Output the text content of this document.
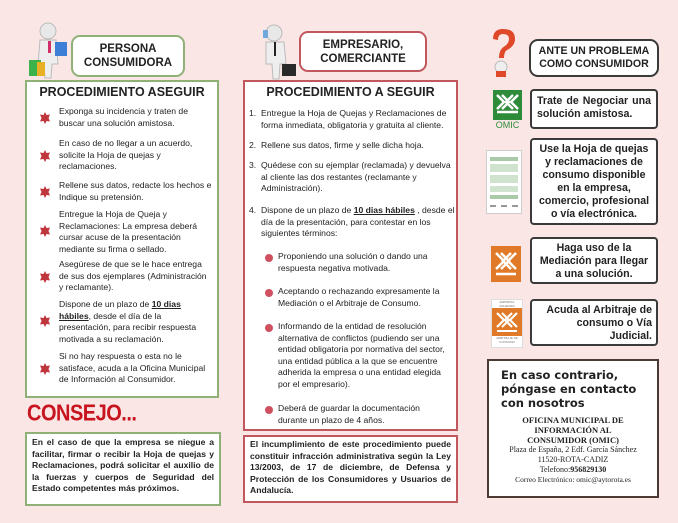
PERSONA
CONSUMIDORA
PROCEDIMIENTO ASEGUIR
Exponga su incidencia y traten de buscar una solución amistosa.
En caso de no llegar a un acuerdo, solicite la Hoja de quejas y reclamaciones.
Rellene sus datos, redacte los hechos e Indique su pretensión.
Entregue la Hoja de Queja y Reclamaciones: La empresa deberá cursar acuse de la presentación mediante su firma o sellado.
Asegúrese de que se le hace entrega de sus dos ejemplares (Administración y reclamante).
Dispone de un plazo de 10 dias hábiles, desde el día de la presentación, para recibir respuesta motivada a su reclamación.
Si no hay respuesta o esta no le satisface, acuda a la Oficina Municipal de Información al Consumidor.
CONSEJO...
En el caso de que la empresa se niegue a facilitar, firmar o recibir la Hoja de quejas y Reclamaciones, podrá solicitar el auxilio de la fuerzas y cuerpos de Seguridad del Estado competentes más próximos.
EMPRESARIO,
COMERCIANTE
PROCEDIMIENTO A SEGUIR
1. Entregue la Hoja de Quejas y Reclamaciones de forma inmediata, obligatoria y gratuita al cliente.
2. Rellene sus datos, firme y selle dicha hoja.
3. Quédese con su ejemplar (reclamada) y devuelva al cliente las dos restantes (reclamante y Administración).
4. Dispone de un plazo de 10 dias hábiles , desde el día de la presentación, para contestar en los siguientes términos:
Proponiendo una solución o dando una respuesta negativa motivada.
Aceptando o rechazando expresamente la Mediación o el Arbitraje de Consumo.
Informando de la entidad de resolución alternativa de conflictos (pudiendo ser una entidad obligatoria por normativa del sector, una entidad pública a la que se encuentre adherida la empresa o una entidad elegida por el empresario).
Deberá de guardar la documentación durante un plazo de 4 años.
El incumplimiento de este procedimiento puede constituir infracción administrativa según la Ley 13/2003, de 17 de diciembre, de Defensa y Protección de los Consumidores y Usuarios de Andalucía.
ANTE UN PROBLEMA
COMO CONSUMIDOR
OMIC
Trate de Negociar una solución amistosa.
Use la Hoja de quejas y reclamaciones de consumo disponible en la empresa, comercio, profesional o vía electrónica.
Haga uso de la Mediación para llegar a una solución.
EMPRESA ADHERIDA
ARBITRAJE DE CONSUMO
Acuda al Arbitraje de consumo o Vía Judicial.
En caso contrario, póngase en contacto con nosotros
OFICINA MUNICIPAL DE INFORMACIÓN AL CONSUMIDOR (OMIC)
Plaza de España, 2 Edf. García Sánchez
11520-ROTA-CADIZ
Telefono:956829130
Correo Electrónico: omic@aytorota.es
